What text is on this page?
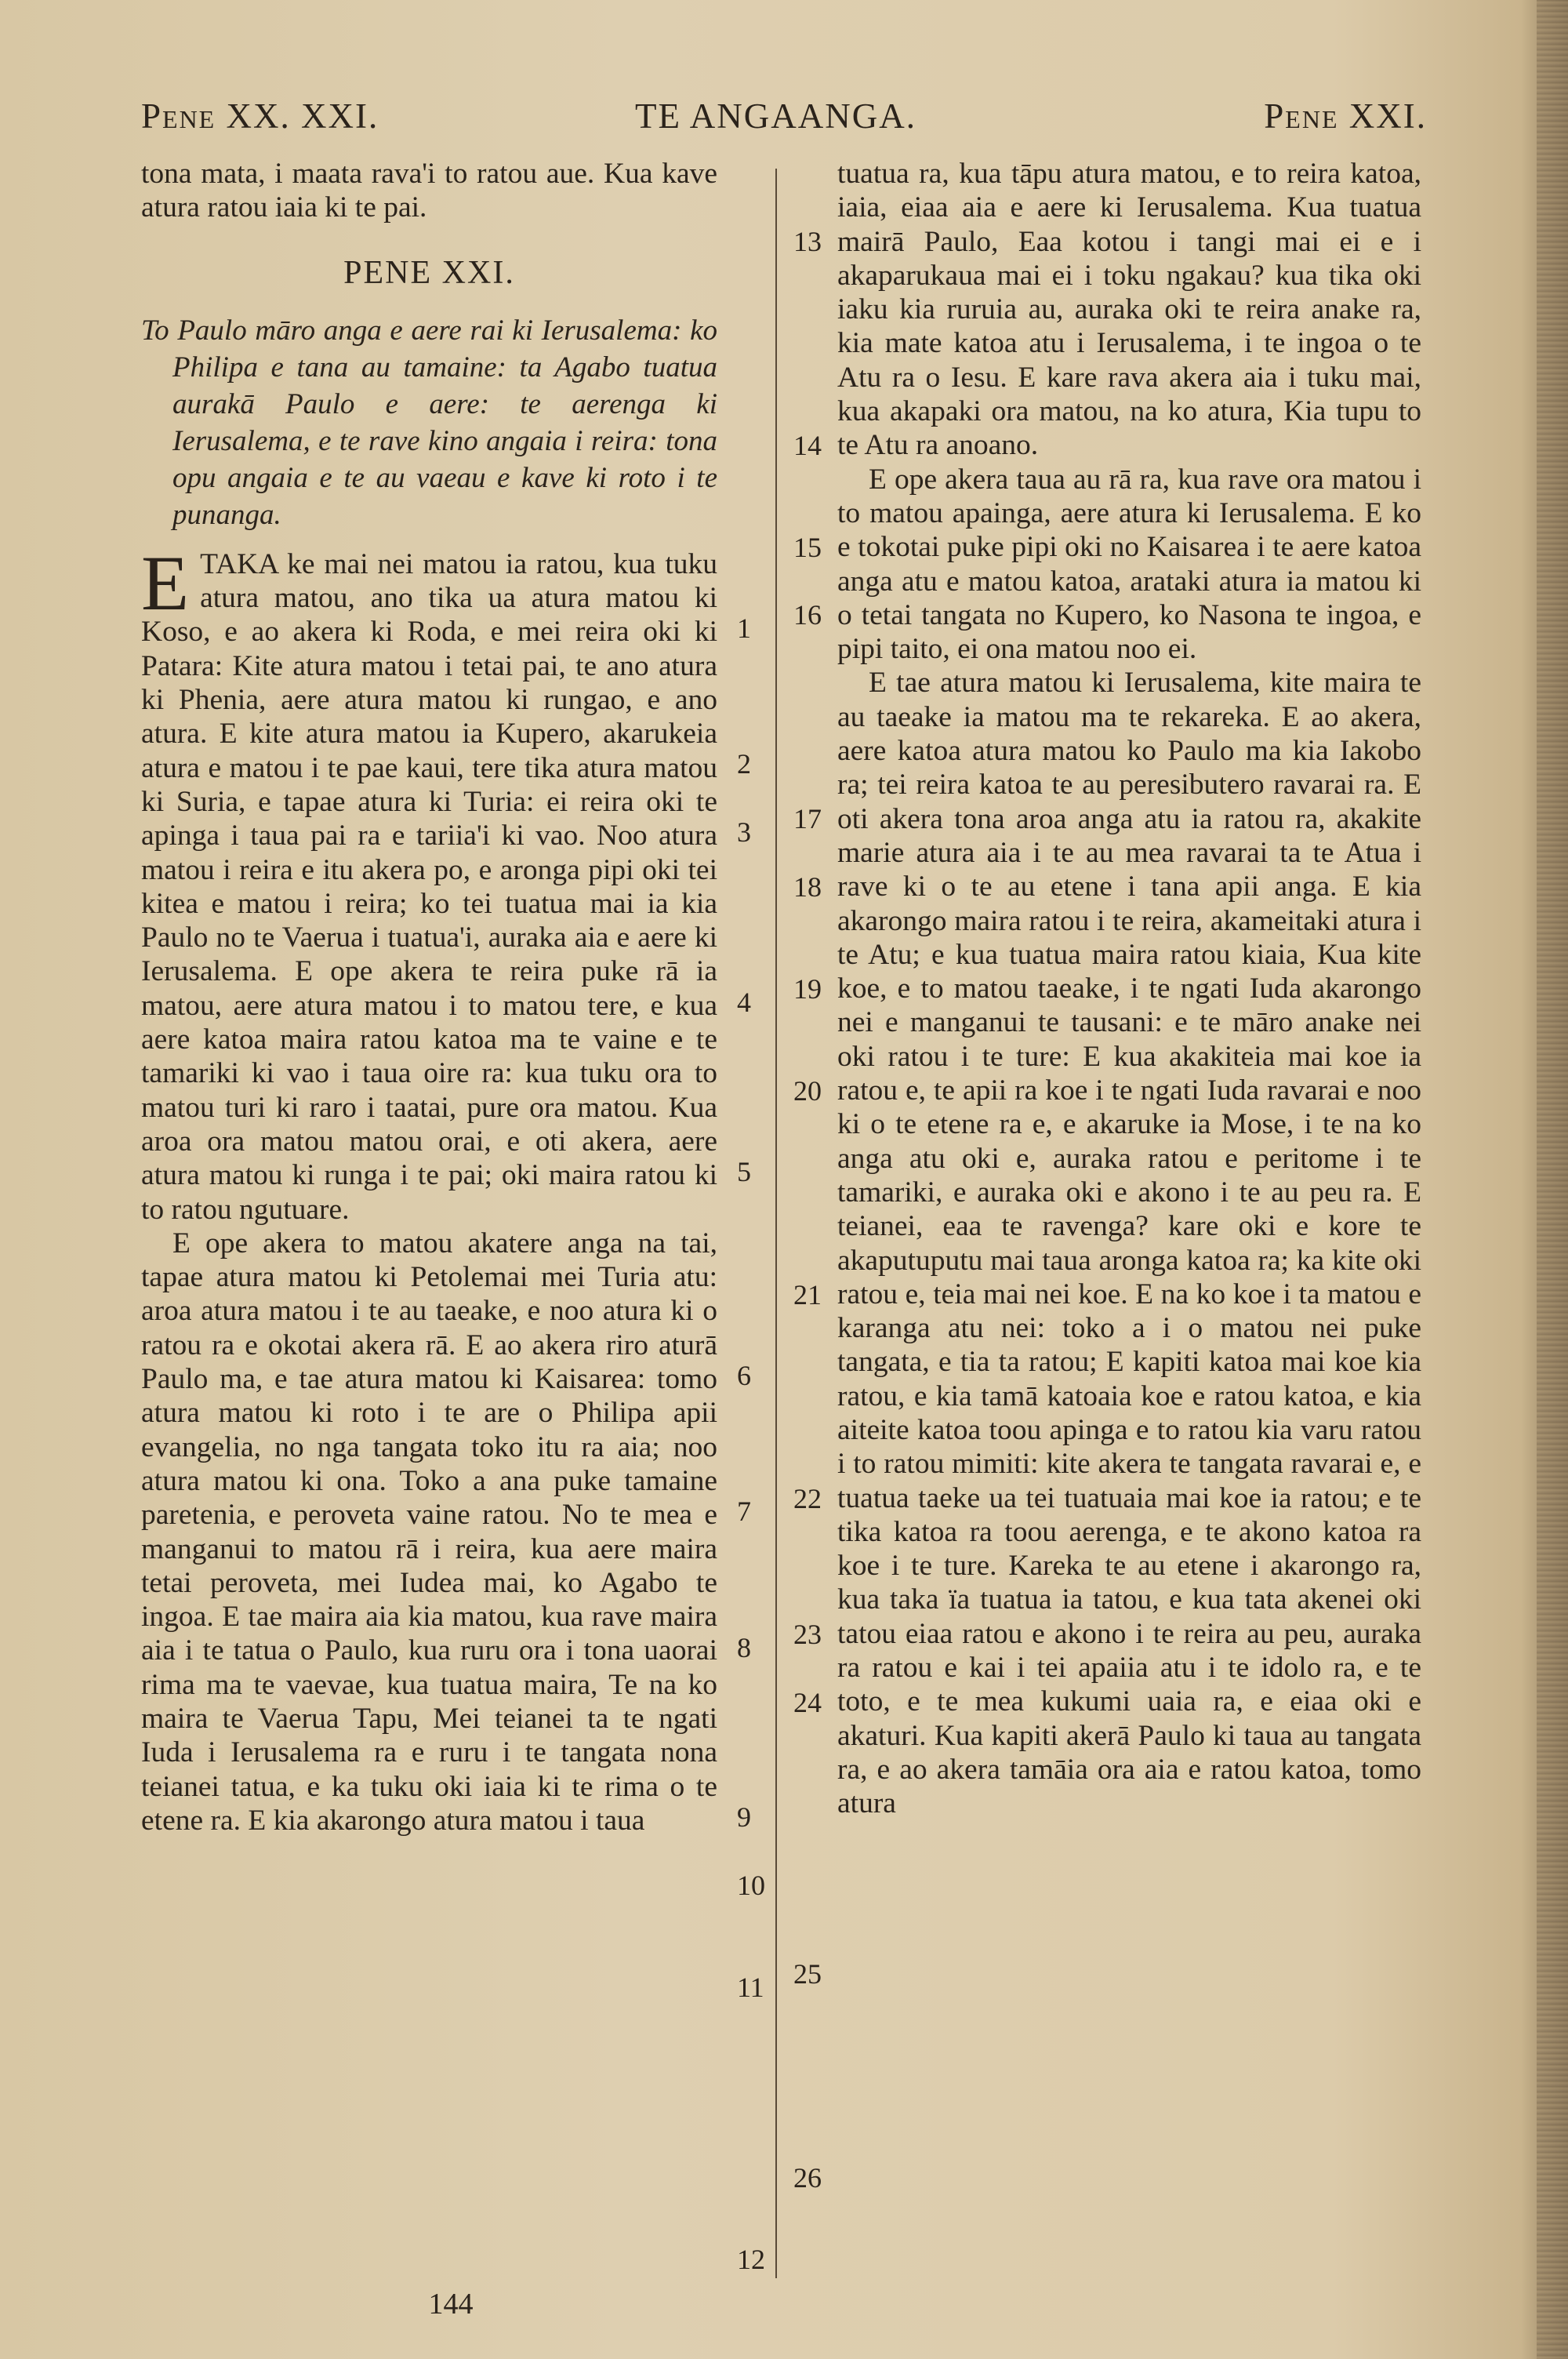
Pene XX. XXI.	TE ANGAANGA.	Pene XXI.

tona mata, i maata rava'i to ratou aue. Kua kave atura ratou iaia ki te pai.

PENE XXI.

To Paulo māro anga e aere rai ki Ierusalema: ko Philipa e tana au tamaine: ta Agabo tuatua aurakā Paulo e aere: te aerenga ki Ierusalema, e te rave kino angaia i reira: tona opu angaia e te au vaeau e kave ki roto i te punanga.

ETAKA ke mai nei matou ia ratou, kua tuku atura matou, ano tika ua atura matou ki Koso, e ao akera ki Roda, e mei reira oki ki Patara: Kite atura matou i tetai pai, te ano atura ki Phenia, aere atura matou ki rungao, e ano atura. E kite atura matou ia Kupero, akarukeia atura e matou i te pae kaui, tere tika atura matou ki Suria, e tapae atura ki Turia: ei reira oki te apinga i taua pai ra e tariia'i ki vao. Noo atura matou i reira e itu akera po, e aronga pipi oki tei kitea e matou i reira; ko tei tuatua mai ia kia Paulo no te Vaerua i tuatua'i, auraka aia e aere ki Ierusalema. E ope akera te reira puke rā ia matou, aere atura matou i to matou tere, e kua aere katoa maira ratou katoa ma te vaine e te tamariki ki vao i taua oire ra: kua tuku ora to matou turi ki raro i taatai, pure ora matou. Kua aroa ora matou matou orai, e oti akera, aere atura matou ki runga i te pai; oki maira ratou ki to ratou ngutuare.

E ope akera to matou akatere anga na tai, tapae atura matou ki Petolemai mei Turia atu: aroa atura matou i te au taeake, e noo atura ki o ratou ra e okotai akera rā. E ao akera riro aturā Paulo ma, e tae atura matou ki Kaisarea: tomo atura matou ki roto i te are o Philipa apii evangelia, no nga tangata toko itu ra aia; noo atura matou ki ona. Toko a ana puke tamaine paretenia, e peroveta vaine ratou. No te mea e manganui to matou rā i reira, kua aere maira tetai peroveta, mei Iudea mai, ko Agabo te ingoa. E tae maira aia kia matou, kua rave maira aia i te tatua o Paulo, kua ruru ora i tona uaorai rima ma te vaevae, kua tuatua maira, Te na ko maira te Vaerua Tapu, Mei teianei ta te ngati Iuda i Ierusalema ra e ruru i te tangata nona teianei tatua, e ka tuku oki iaia ki te rima o te etene ra. E kia akarongo atura matou i taua

tuatua ra, kua tāpu atura matou, e to reira katoa, iaia, eiaa aia e aere ki Ierusalema. Kua tuatua mairā Paulo, Eaa kotou i tangi mai ei e i akaparukaua mai ei i toku ngakau? kua tika oki iaku kia ruruia au, auraka oki te reira anake ra, kia mate katoa atu i Ierusalema, i te ingoa o te Atu ra o Iesu. E kare rava akera aia i tuku mai, kua akapaki ora matou, na ko atura, Kia tupu to te Atu ra anoano.

E ope akera taua au rā ra, kua rave ora matou i to matou apainga, aere atura ki Ierusalema. E ko e tokotai puke pipi oki no Kaisarea i te aere katoa anga atu e matou katoa, arataki atura ia matou ki o tetai tangata no Kupero, ko Nasona te ingoa, e pipi taito, ei ona matou noo ei.

E tae atura matou ki Ierusalema, kite maira te au taeake ia matou ma te rekareka. E ao akera, aere katoa atura matou ko Paulo ma kia Iakobo ra; tei reira katoa te au peresibutero ravarai ra. E oti akera tona aroa anga atu ia ratou ra, akakite marie atura aia i te au mea ravarai ta te Atua i rave ki o te au etene i tana apii anga. E kia akarongo maira ratou i te reira, akameitaki atura i te Atu; e kua tuatua maira ratou kiaia, Kua kite koe, e to matou taeake, i te ngati Iuda akarongo nei e manganui te tausani: e te māro anake nei oki ratou i te ture: E kua akakiteia mai koe ia ratou e, te apii ra koe i te ngati Iuda ravarai e noo ki o te etene ra e, e akaruke ia Mose, i te na ko anga atu oki e, auraka ratou e peritome i te tamariki, e auraka oki e akono i te au peu ra. E teianei, eaa te ravenga? kare oki e kore te akaputuputu mai taua aronga katoa ra; ka kite oki ratou e, teia mai nei koe. E na ko koe i ta matou e karanga atu nei: toko a i o matou nei puke tangata, e tia ta ratou; E kapiti katoa mai koe kia ratou, e kia tamā katoaia koe e ratou katoa, e kia aiteite katoa toou apinga e to ratou kia varu ratou i to ratou mimiti: kite akera te tangata ravarai e, e tuatua taeke ua tei tuatuaia mai koe ia ratou; e te tika katoa ra toou aerenga, e te akono katoa ra koe i te ture. Kareka te au etene i akarongo ra, kua taka ïa tuatua ia tatou, e kua tata akenei oki tatou eiaa ratou e akono i te reira au peu, auraka ra ratou e kai i tei apaiia atu i te idolo ra, e te toto, e te mea kukumi uaia ra, e eiaa oki e akaturi. Kua kapiti akerā Paulo ki taua au tangata ra, e ao akera tamāia ora aia e ratou katoa, tomo atura

1
2
3
4
5
6
7
8
9
10
11
12
13
14
15
16
17
18
19
20
21
22
23
24
25
26
144
